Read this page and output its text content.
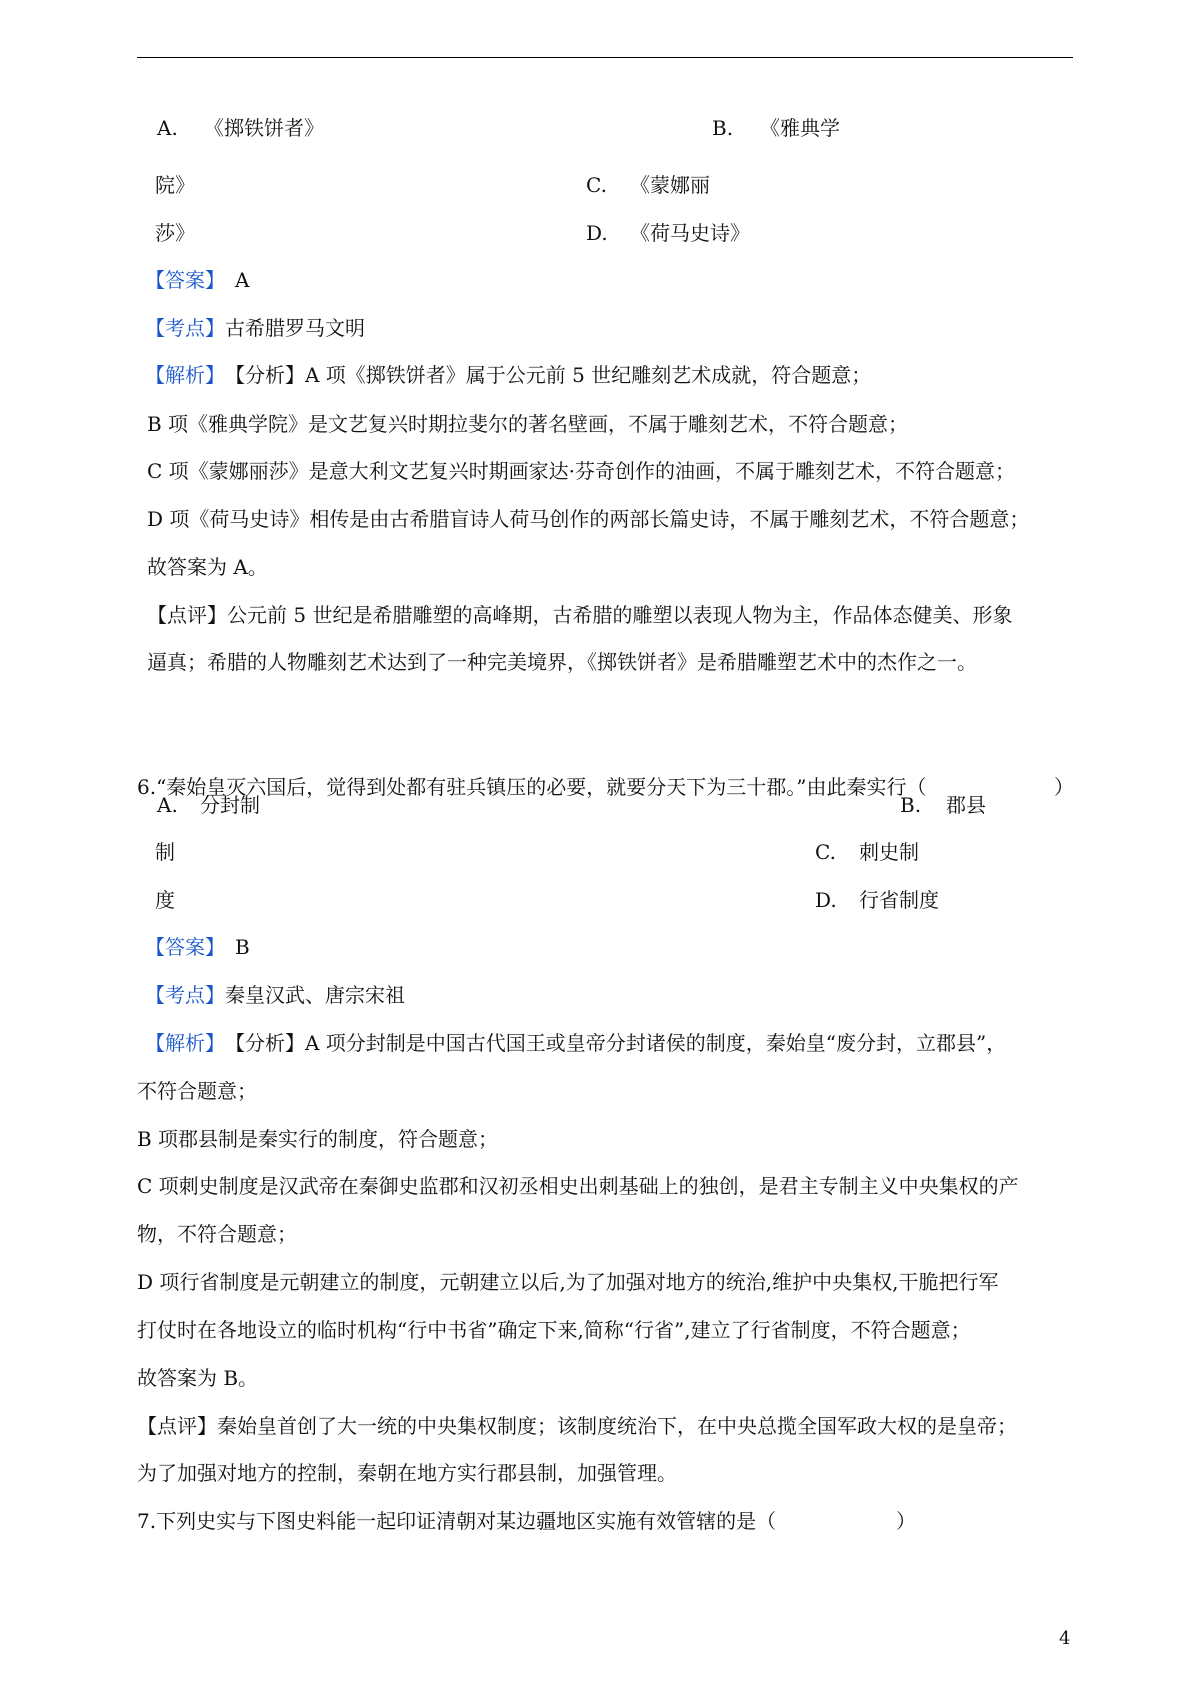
A. 《掷铁饼者》	B. 《雅典学
院》	C. 《蒙娜丽
莎》	D. 《荷马史诗》
【答案】 A
【考点】 古希腊罗马文明
【解析】 【分析】A 项《掷铁饼者》属于公元前 5 世纪雕刻艺术成就，符合题意；
B 项《雅典学院》是文艺复兴时期拉斐尔的著名壁画，不属于雕刻艺术，不符合题意；
C 项《蒙娜丽莎》是意大利文艺复兴时期画家达·芬奇创作的油画，不属于雕刻艺术，不符合题意；
D 项《荷马史诗》相传是由古希腊盲诗人荷马创作的两部长篇史诗，不属于雕刻艺术，不符合题意；
故答案为 A。
【点评】公元前 5 世纪是希腊雕塑的高峰期，古希腊的雕塑以表现人物为主，作品体态健美、形象
逼真；希腊的人物雕刻艺术达到了一种完美境界，《掷铁饼者》是希腊雕塑艺术中的杰作之一。
6.“秦始皇灭六国后，觉得到处都有驻兵镇压的必要，就要分天下为三十郡。”由此秦实行（	）
A. 分封制	B. 郡县
制	C. 刺史制
度	D. 行省制度
【答案】 B
【考点】 秦皇汉武、唐宗宋祖
【解析】 【分析】A 项分封制是中国古代国王或皇帝分封诸侯的制度，秦始皇“废分封，立郡县”，
不符合题意；
B 项郡县制是秦实行的制度，符合题意；
C 项刺史制度是汉武帝在秦御史监郡和汉初丞相史出刺基础上的独创，是君主专制主义中央集权的产
物，不符合题意；
D 项行省制度是元朝建立的制度，元朝建立以后,为了加强对地方的统治,维护中央集权,干脆把行军
打仗时在各地设立的临时机构“行中书省”确定下来,简称“行省”,建立了行省制度，不符合题意；
故答案为 B。
【点评】秦始皇首创了大一统的中央集权制度；该制度统治下，在中央总揽全国军政大权的是皇帝；
为了加强对地方的控制，秦朝在地方实行郡县制，加强管理。
7.下列史实与下图史料能一起印证清朝对某边疆地区实施有效管辖的是（	）
4
